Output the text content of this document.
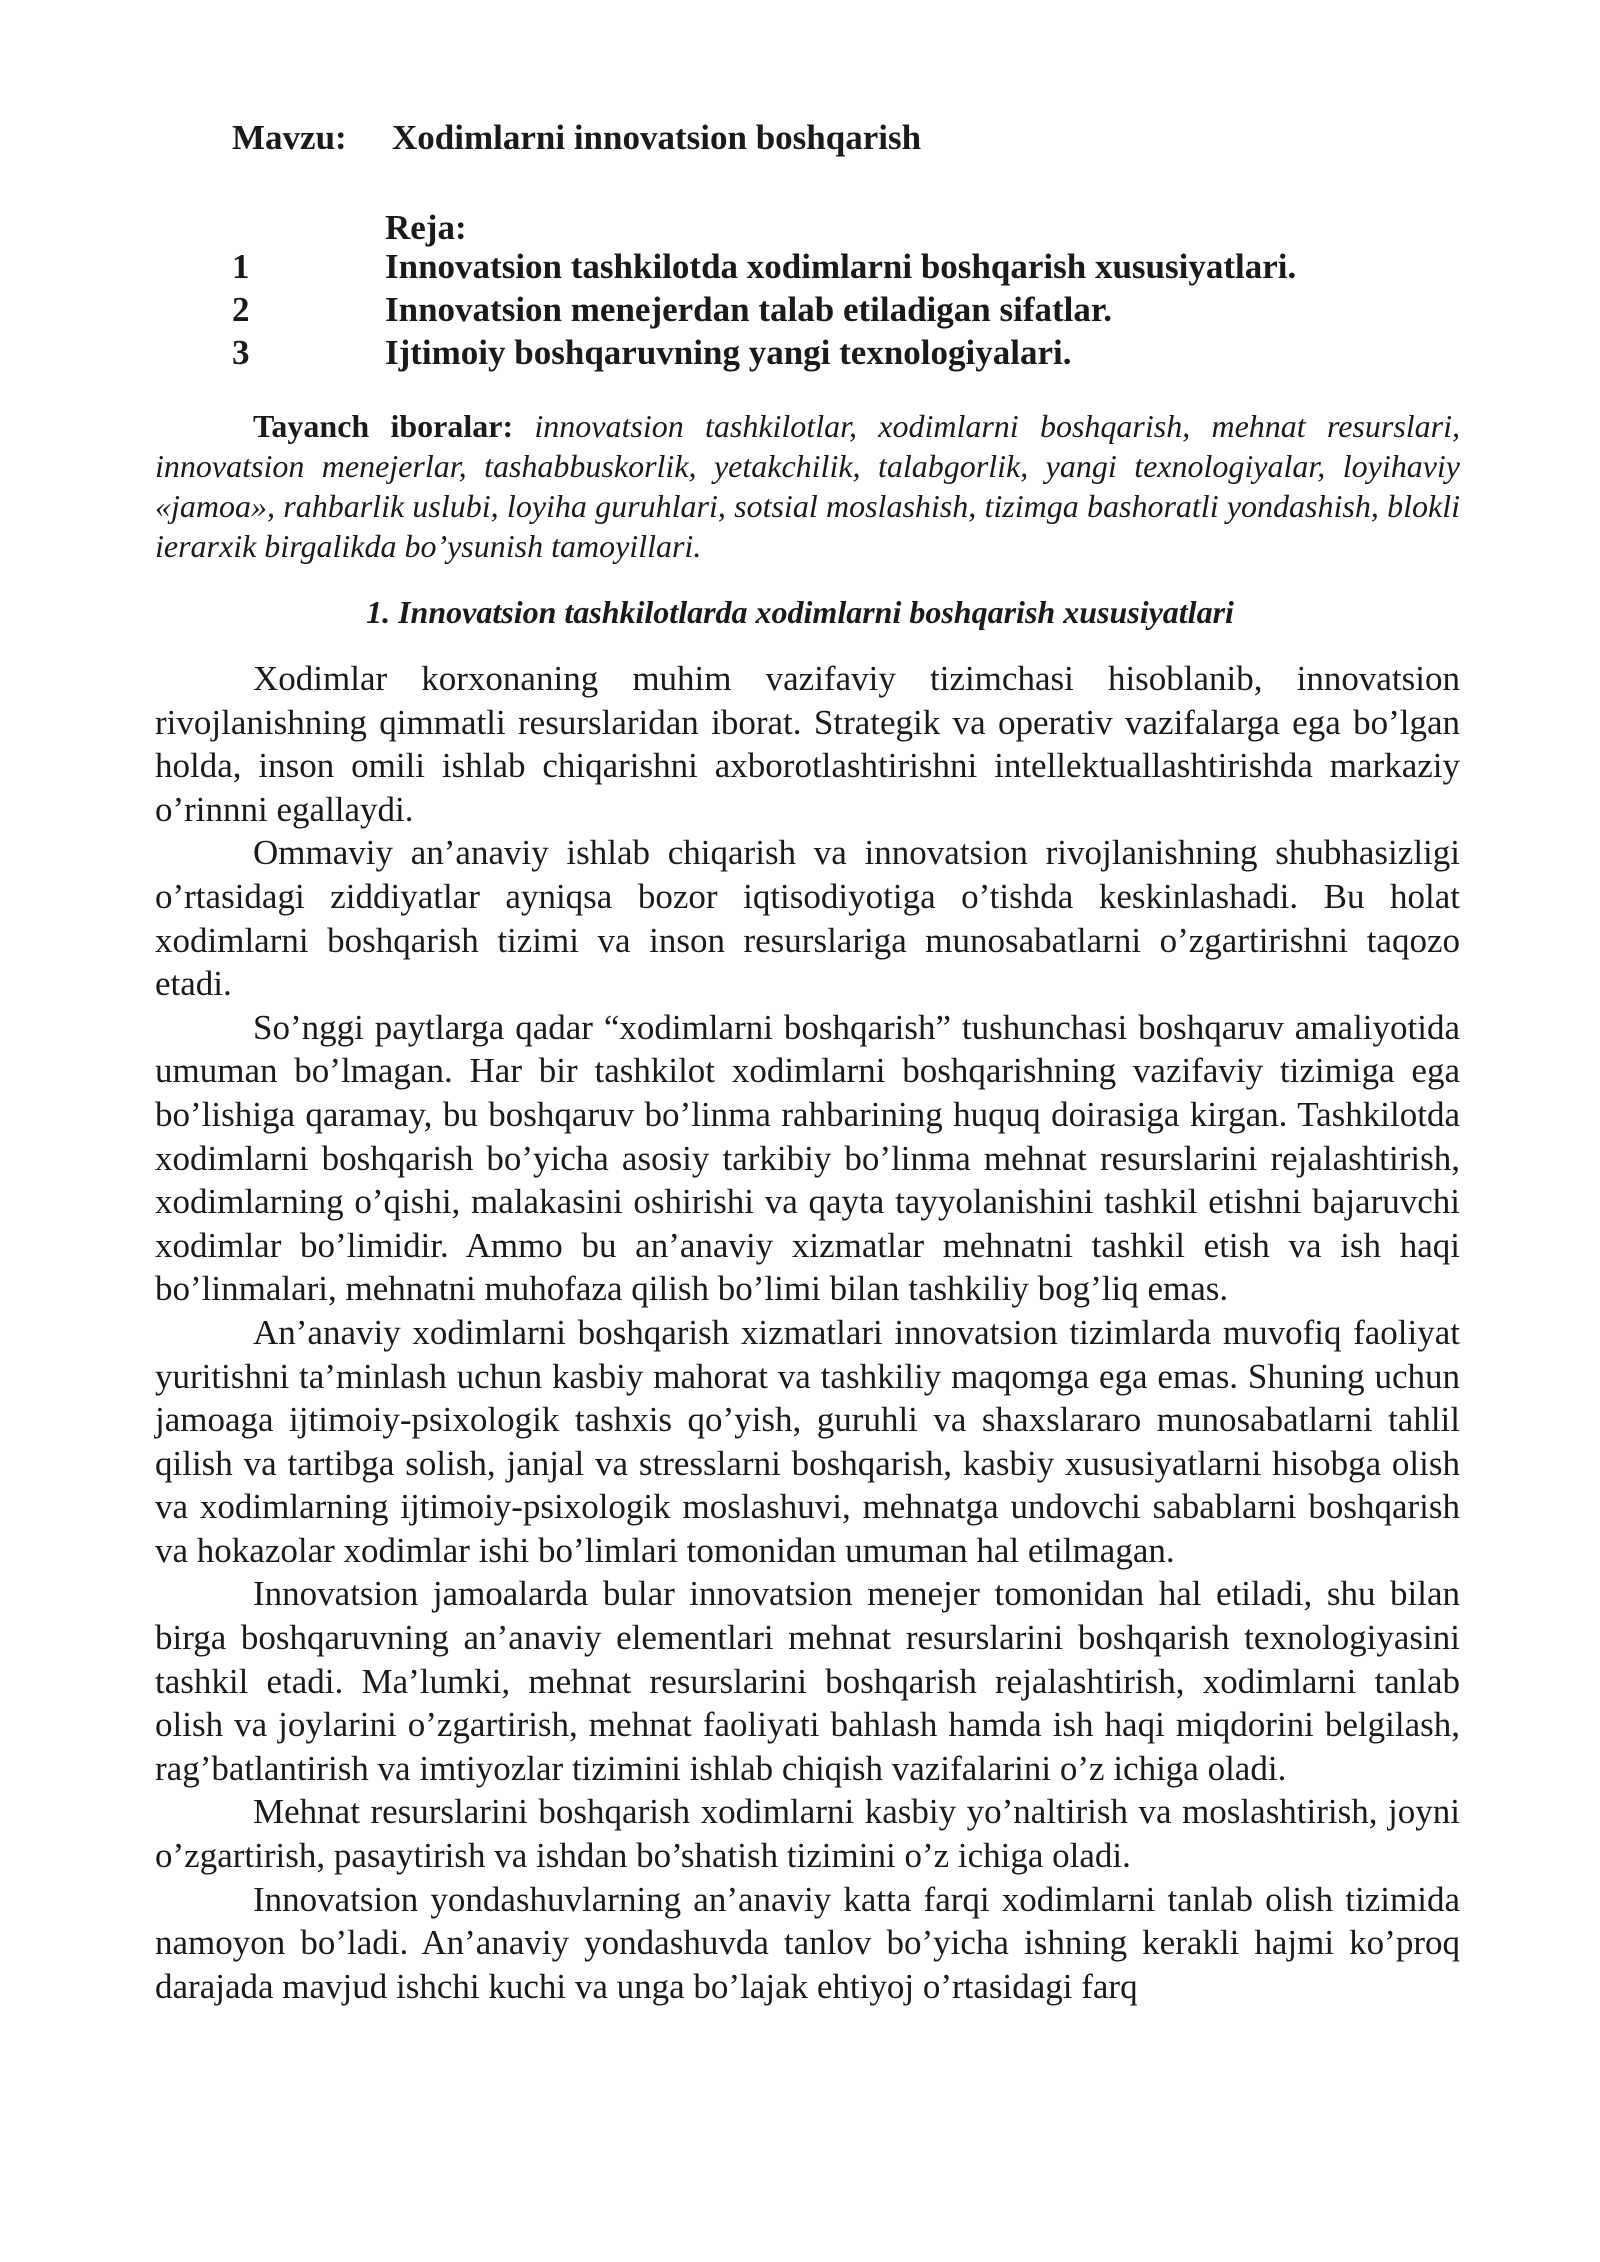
Mavzu: Xodimlarni innovatsion boshqarish
Reja:
1	Innovatsion tashkilotda xodimlarni boshqarish xususiyatlari.
2	Innovatsion menejerdan talab etiladigan sifatlar.
3	Ijtimoiy boshqaruvning yangi texnologiyalari.
Tayanch iboralar: innovatsion tashkilotlar, xodimlarni boshqarish, mehnat resurslari, innovatsion menejerlar, tashabbuskorlik, yetakchilik, talabgorlik, yangi texnologiyalar, loyihaviy «jamoa», rahbarlik uslubi, loyiha guruhlari, sotsial moslashish, tizimga bashoratli yondashish, blokli ierarxik birgalikda bo’ysunish tamoyillari.
1. Innovatsion tashkilotlarda xodimlarni boshqarish xususiyatlari

Xodimlar korxonaning muhim vazifaviy tizimchasi hisoblanib, innovatsion rivojlanishning qimmatli resurslaridan iborat. Strategik va operativ vazifalarga ega bo’lgan holda, inson omili ishlab chiqarishni axborotlashtirishni intellektuallashtirishda markaziy o’rinnni egallaydi.

Ommaviy an’anaviy ishlab chiqarish va innovatsion rivojlanishning shubhasizligi o’rtasidagi ziddiyatlar ayniqsa bozor iqtisodiyotiga o’tishda keskinlashadi. Bu holat xodimlarni boshqarish tizimi va inson resurslariga munosabatlarni o’zgartirishni taqozo etadi.

So’nggi paytlarga qadar “xodimlarni boshqarish” tushunchasi boshqaruv amaliyotida umuman bo’lmagan. Har bir tashkilot xodimlarni boshqarishning vazifaviy tizimiga ega bo’lishiga qaramay, bu boshqaruv bo’linma rahbarining huquq doirasiga kirgan. Tashkilotda xodimlarni boshqarish bo’yicha asosiy tarkibiy bo’linma mehnat resurslarini rejalashtirish, xodimlarning o’qishi, malakasini oshirishi va qayta tayyolanishini tashkil etishni bajaruvchi xodimlar bo’limidir. Ammo bu an’anaviy xizmatlar mehnatni tashkil etish va ish haqi bo’linmalari, mehnatni muhofaza qilish bo’limi bilan tashkiliy bog’liq emas.

An’anaviy xodimlarni boshqarish xizmatlari innovatsion tizimlarda muvofiq faoliyat yuritishni ta’minlash uchun kasbiy mahorat va tashkiliy maqomga ega emas. Shuning uchun jamoaga ijtimoiy-psixologik tashxis qo’yish, guruhli va shaxslararo munosabatlarni tahlil qilish va tartibga solish, janjal va stresslarni boshqarish, kasbiy xususiyatlarni hisobga olish va xodimlarning ijtimoiy-psixologik moslashuvi, mehnatga undovchi sabablarni boshqarish va hokazolar xodimlar ishi bo’limlari tomonidan umuman hal etilmagan.

Innovatsion jamoalarda bular innovatsion menejer tomonidan hal etiladi, shu bilan birga boshqaruvning an’anaviy elementlari mehnat resurslarini boshqarish texnologiyasini tashkil etadi. Ma’lumki, mehnat resurslarini boshqarish rejalashtirish, xodimlarni tanlab olish va joylarini o’zgartirish, mehnat faoliyati bahlash hamda ish haqi miqdorini belgilash, rag’batlantirish va imtiyozlar tizimini ishlab chiqish vazifalarini o’z ichiga oladi.

Mehnat resurslarini boshqarish xodimlarni kasbiy yo’naltirish va moslashtirish, joyni o’zgartirish, pasaytirish va ishdan bo’shatish tizimini o’z ichiga oladi.

Innovatsion yondashuvlarning an’anaviy katta farqi xodimlarni tanlab olish tizimida namoyon bo’ladi. An’anaviy yondashuvda tanlov bo’yicha ishning kerakli hajmi ko’proq darajada mavjud ishchi kuchi va unga bo’lajak ehtiyoj o’rtasidagi farq
